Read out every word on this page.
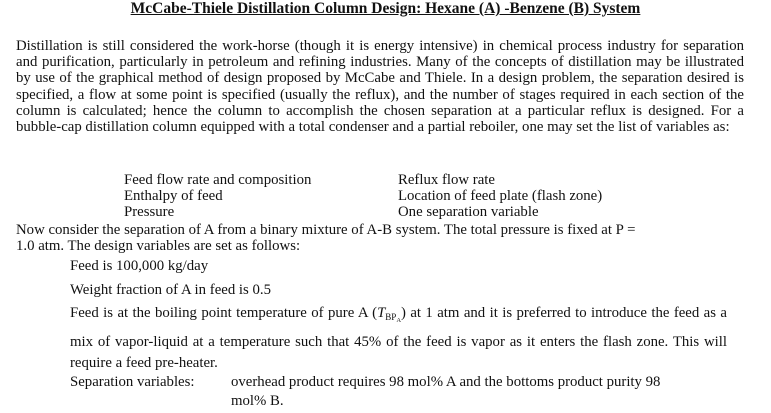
McCabe-Thiele Distillation Column Design: Hexane (A) -Benzene (B) System
Distillation is still considered the work-horse (though it is energy intensive) in chemical process industry for separation and purification, particularly in petroleum and refining industries. Many of the concepts of distillation may be illustrated by use of the graphical method of design proposed by McCabe and Thiele. In a design problem, the separation desired is specified, a flow at some point is specified (usually the reflux), and the number of stages required in each section of the column is calculated; hence the column to accomplish the chosen separation at a particular reflux is designed. For a bubble-cap distillation column equipped with a total condenser and a partial reboiler, one may set the list of variables as:
Feed flow rate and composition
Enthalpy of feed
Pressure
Reflux flow rate
Location of feed plate (flash zone)
One separation variable
Now consider the separation of A from a binary mixture of A-B system. The total pressure is fixed at P =
1.0 atm. The design variables are set as follows:
Feed is 100,000 kg/day
Weight fraction of A in feed is 0.5
Feed is at the boiling point temperature of pure A $(T_{BP_A})$ at 1 atm and it is preferred to introduce the feed as a mix of vapor-liquid at a temperature such that 45% of the feed is vapor as it enters the flash zone. This will require a feed pre-heater.
Separation variables: overhead product requires 98 mol% A and the bottoms product purity 98
mol% B.
